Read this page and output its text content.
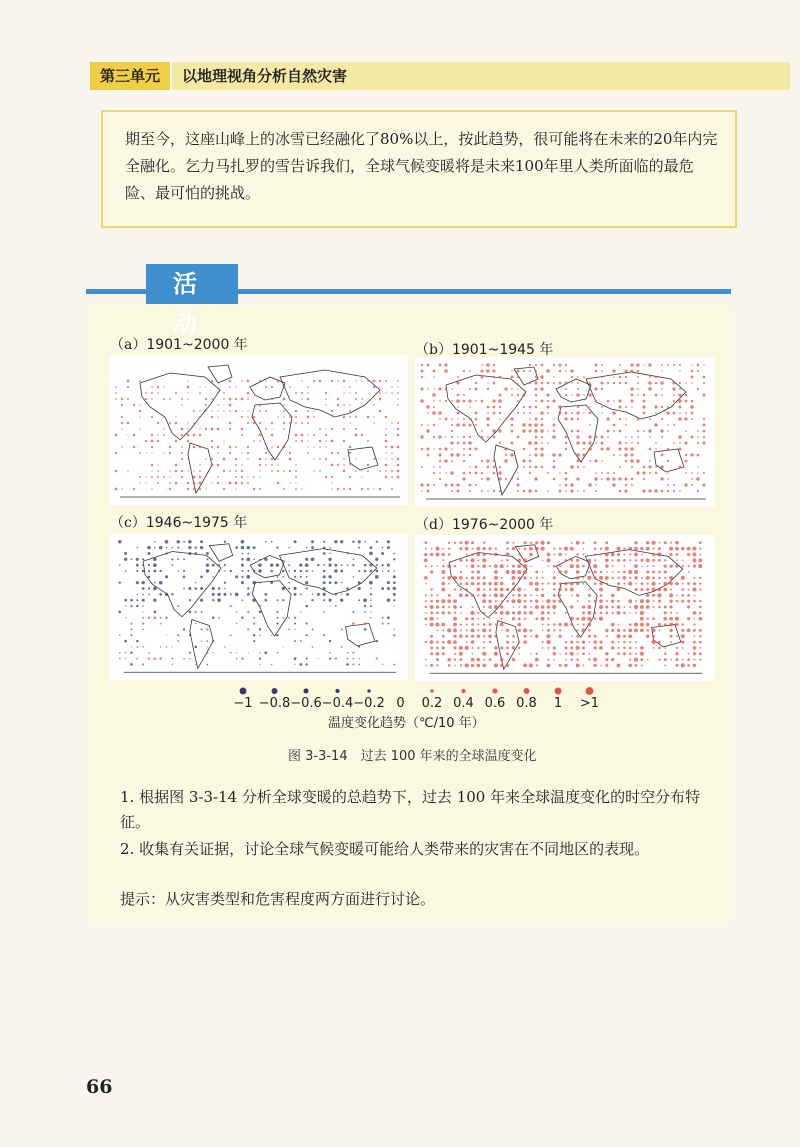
第三单元	以地理视角分析自然灾害

期至今，这座山峰上的冰雪已经融化了80%以上，按此趋势，很可能将在未来的20年内完全融化。乞力马扎罗的雪告诉我们，全球气候变暖将是未来100年里人类所面临的最危险、最可怕的挑战。

活 动
（a）1901~2000 年	（b）1901~1945 年
（c）1946~1975 年	（d）1976~2000 年
−1 −0.8 −0.6 −0.4 −0.2 0 0.2 0.4 0.6 0.8 1 >1
温度变化趋势（℃/10 年）
图 3-3-14　过去 100 年来的全球温度变化

1. 根据图 3-3-14 分析全球变暖的总趋势下，过去 100 年来全球温度变化的时空分布特征。

2. 收集有关证据，讨论全球气候变暖可能给人类带来的灾害在不同地区的表现。

提示：从灾害类型和危害程度两方面进行讨论。

66
